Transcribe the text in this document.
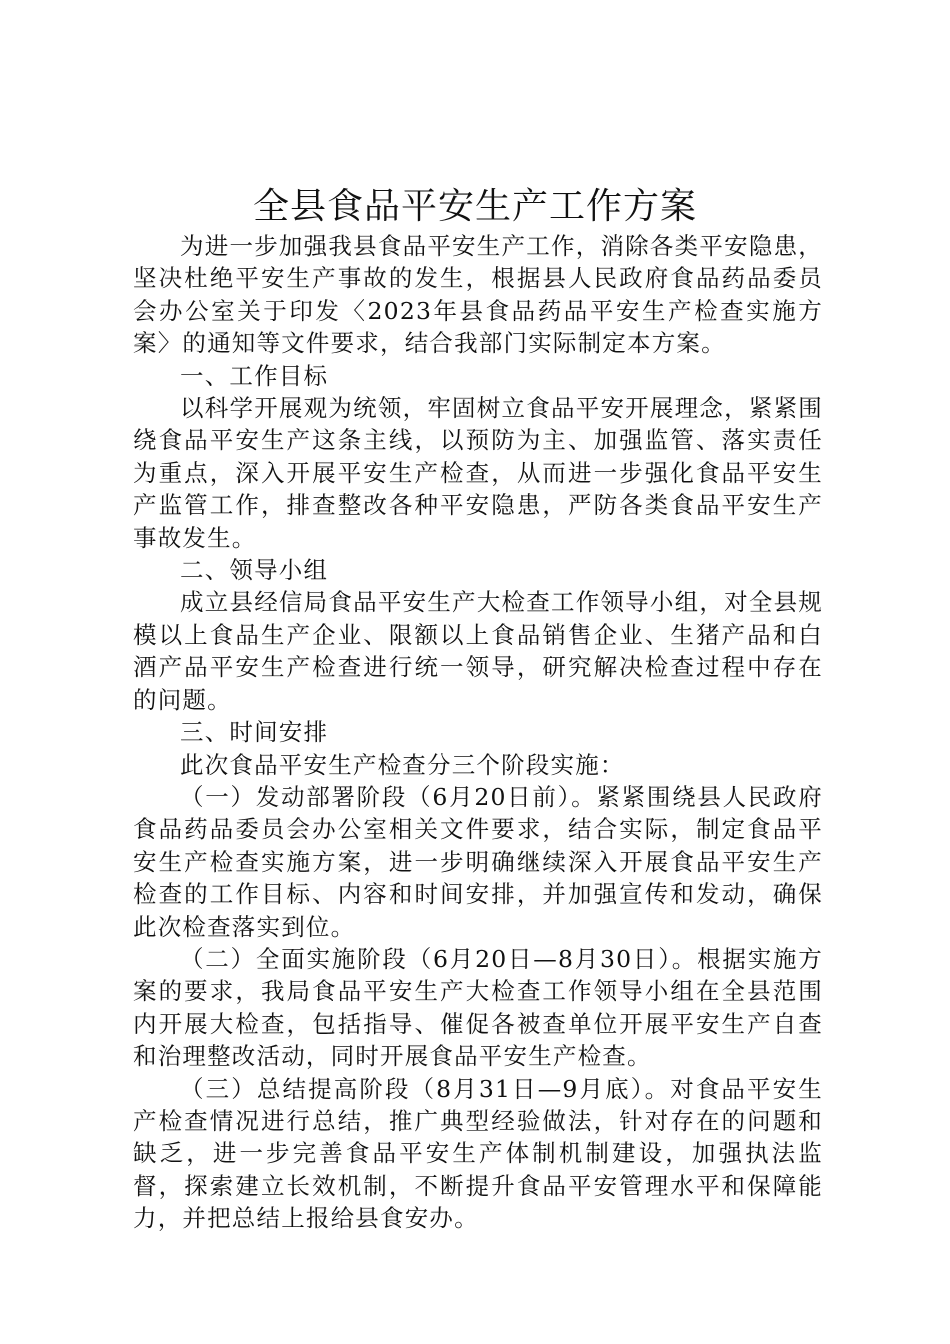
全县食品平安生产工作方案

为进一步加强我县食品平安生产工作，消除各类平安隐患，坚决杜绝平安生产事故的发生，根据县人民政府食品药品委员会办公室关于印发〈2023年县食品药品平安生产检查实施方案〉的通知等文件要求，结合我部门实际制定本方案。

一、工作目标

以科学开展观为统领，牢固树立食品平安开展理念，紧紧围绕食品平安生产这条主线，以预防为主、加强监管、落实责任为重点，深入开展平安生产检查，从而进一步强化食品平安生产监管工作，排查整改各种平安隐患，严防各类食品平安生产事故发生。

二、领导小组

成立县经信局食品平安生产大检查工作领导小组，对全县规模以上食品生产企业、限额以上食品销售企业、生猪产品和白酒产品平安生产检查进行统一领导，研究解决检查过程中存在的问题。

三、时间安排

此次食品平安生产检查分三个阶段实施：

（一）发动部署阶段（6月20日前）。紧紧围绕县人民政府食品药品委员会办公室相关文件要求，结合实际，制定食品平安生产检查实施方案，进一步明确继续深入开展食品平安生产检查的工作目标、内容和时间安排，并加强宣传和发动，确保此次检查落实到位。

（二）全面实施阶段（6月20日—8月30日）。根据实施方案的要求，我局食品平安生产大检查工作领导小组在全县范围内开展大检查，包括指导、催促各被查单位开展平安生产自查和治理整改活动，同时开展食品平安生产检查。

（三）总结提高阶段（8月31日—9月底）。对食品平安生产检查情况进行总结，推广典型经验做法，针对存在的问题和缺乏，进一步完善食品平安生产体制机制建设，加强执法监督，探索建立长效机制，不断提升食品平安管理水平和保障能力，并把总结上报给县食安办。
